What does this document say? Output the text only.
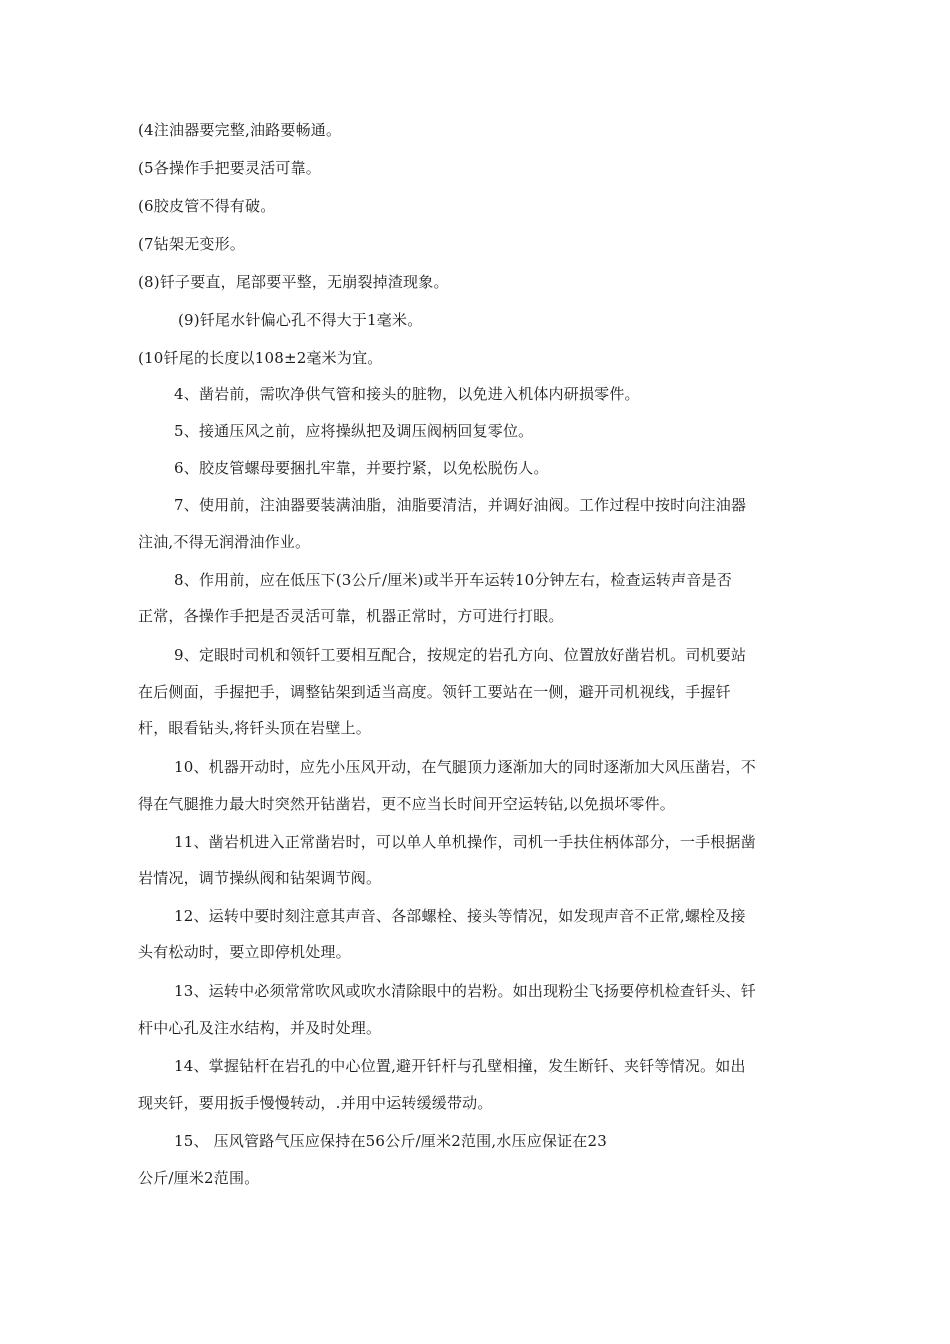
(4注油器要完整,油路要畅通。
(5各操作手把要灵活可靠。
(6胶皮管不得有破。
(7钻架无变形。
(8)钎子要直，尾部要平整，无崩裂掉渣现象。
(9)钎尾水针偏心孔不得大于1毫米。
(10钎尾的长度以108±2毫米为宜。
4、凿岩前，需吹净供气管和接头的脏物，以免进入机体内研损零件。
5、接通压风之前，应将操纵把及调压阀柄回复零位。
6、胶皮管螺母要捆扎牢靠，并要拧紧，以免松脱伤人。
7、使用前，注油器要装满油脂，油脂要清洁，并调好油阀。工作过程中按时向注油器
注油,不得无润滑油作业。
8、作用前，应在低压下(3公斤/厘米)或半开车运转10分钟左右，检查运转声音是否
正常，各操作手把是否灵活可靠，机器正常时，方可进行打眼。
9、定眼时司机和领钎工要相互配合，按规定的岩孔方向、位置放好凿岩机。司机要站
在后侧面，手握把手，调整钻架到适当高度。领钎工要站在一侧，避开司机视线，手握钎
杆，眼看钻头,将钎头顶在岩壁上。
10、机器开动时，应先小压风开动，在气腿顶力逐渐加大的同时逐渐加大风压凿岩，不
得在气腿推力最大时突然开钻凿岩，更不应当长时间开空运转钻,以免损坏零件。
11、凿岩机进入正常凿岩时，可以单人单机操作，司机一手扶住柄体部分，一手根据凿
岩情况，调节操纵阀和钻架调节阀。
12、运转中要时刻注意其声音、各部螺栓、接头等情况，如发现声音不正常,螺栓及接
头有松动时，要立即停机处理。
13、运转中必须常常吹风或吹水清除眼中的岩粉。如出现粉尘飞扬要停机检查钎头、钎
杆中心孔及注水结构，并及时处理。
14、掌握钻杆在岩孔的中心位置,避开钎杆与孔壁相撞，发生断钎、夹钎等情况。如出
现夹钎，要用扳手慢慢转动，.并用中运转缓缓带动。
15、 压风管路气压应保持在56公斤/厘米2范围,水压应保证在23
公斤/厘米2范围。
